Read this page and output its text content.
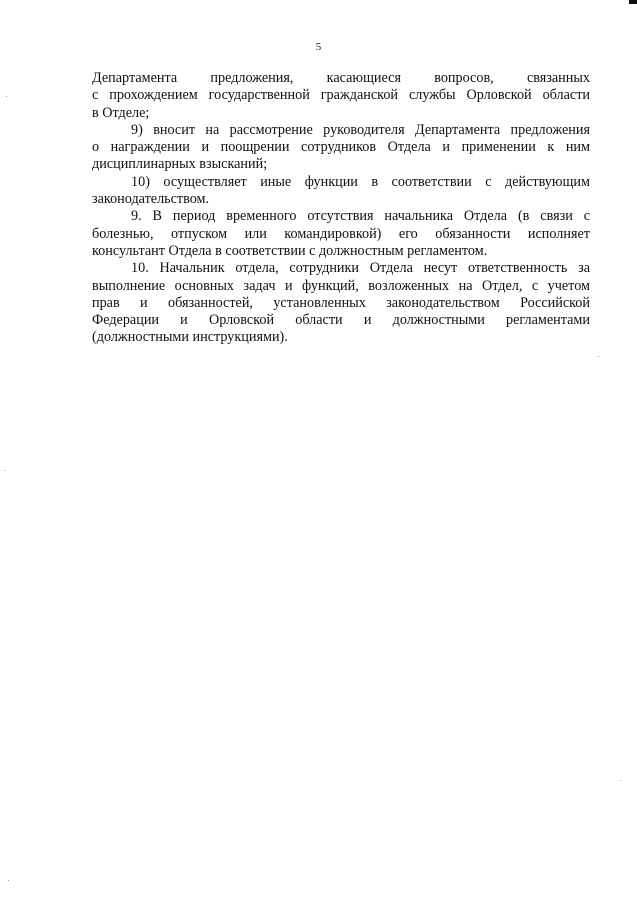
5

Департамента предложения, касающиеся вопросов, связанных
с прохождением государственной гражданской службы Орловской области
в Отделе;

9) вносит на рассмотрение руководителя Департамента предложения
о награждении и поощрении сотрудников Отдела и применении к ним
дисциплинарных взысканий;

10) осуществляет иные функции в соответствии с действующим
законодательством.

9. В период временного отсутствия начальника Отдела (в связи с
болезнью, отпуском или командировкой) его обязанности исполняет
консультант Отдела в соответствии с должностным регламентом.

10. Начальник отдела, сотрудники Отдела несут ответственность за
выполнение основных задач и функций, возложенных на Отдел, с учетом
прав и обязанностей, установленных законодательством Российской
Федерации и Орловской области и должностными регламентами
(должностными инструкциями).
